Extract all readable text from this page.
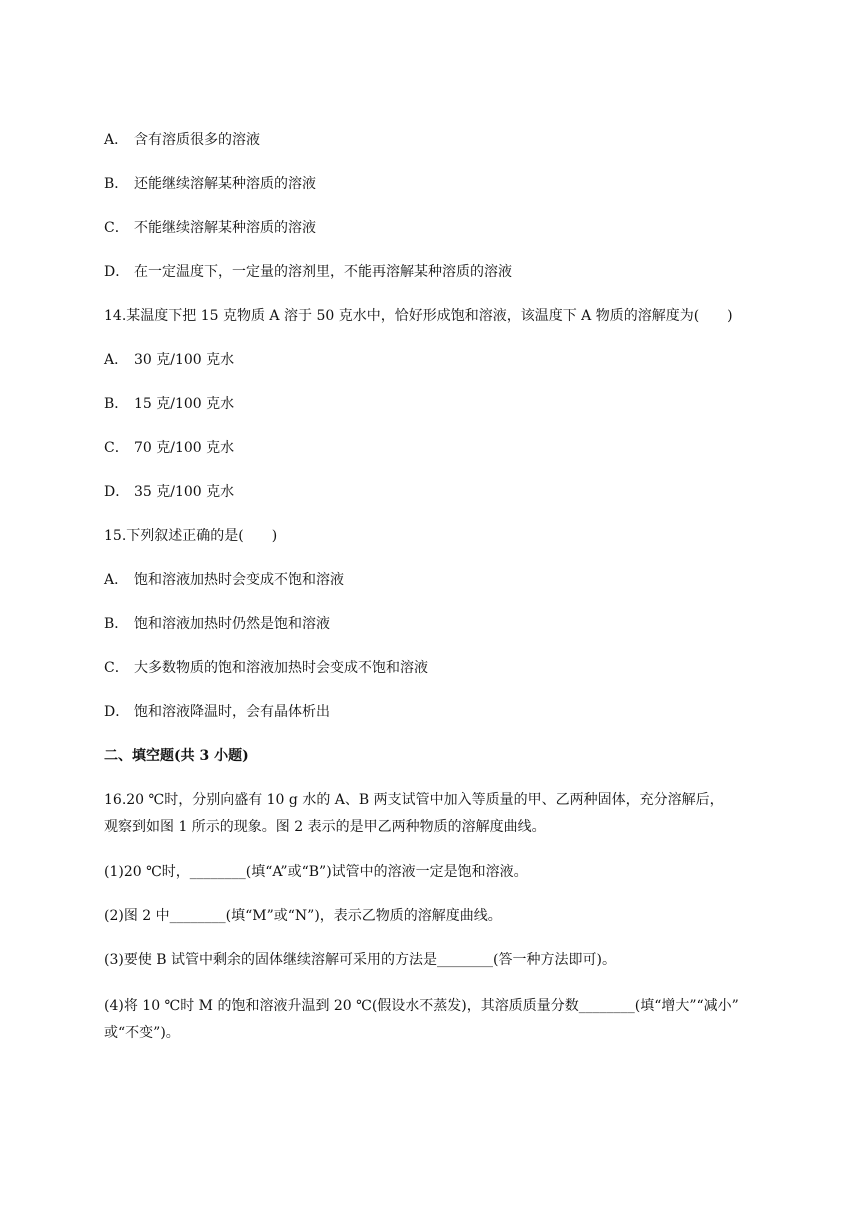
A． 含有溶质很多的溶液
B． 还能继续溶解某种溶质的溶液
C． 不能继续溶解某种溶质的溶液
D． 在一定温度下，一定量的溶剂里，不能再溶解某种溶质的溶液
14.某温度下把 15 克物质 A 溶于 50 克水中，恰好形成饱和溶液，该温度下 A 物质的溶解度为(　　)
A． 30 克/100 克水
B． 15 克/100 克水
C． 70 克/100 克水
D． 35 克/100 克水
15.下列叙述正确的是(　　)
A． 饱和溶液加热时会变成不饱和溶液
B． 饱和溶液加热时仍然是饱和溶液
C． 大多数物质的饱和溶液加热时会变成不饱和溶液
D． 饱和溶液降温时，会有晶体析出
二、填空题(共 3 小题)
16.20 ℃时，分别向盛有 10 g 水的 A、B 两支试管中加入等质量的甲、乙两种固体，充分溶解后，
观察到如图 1 所示的现象。图 2 表示的是甲乙两种物质的溶解度曲线。
(1)20 ℃时，________(填“A”或“B”)试管中的溶液一定是饱和溶液。
(2)图 2 中________(填“M”或“N”)，表示乙物质的溶解度曲线。
(3)要使 B 试管中剩余的固体继续溶解可采用的方法是________(答一种方法即可)。
(4)将 10 ℃时 M 的饱和溶液升温到 20 ℃(假设水不蒸发)，其溶质质量分数________(填“增大”“减小”
或“不变”)。
